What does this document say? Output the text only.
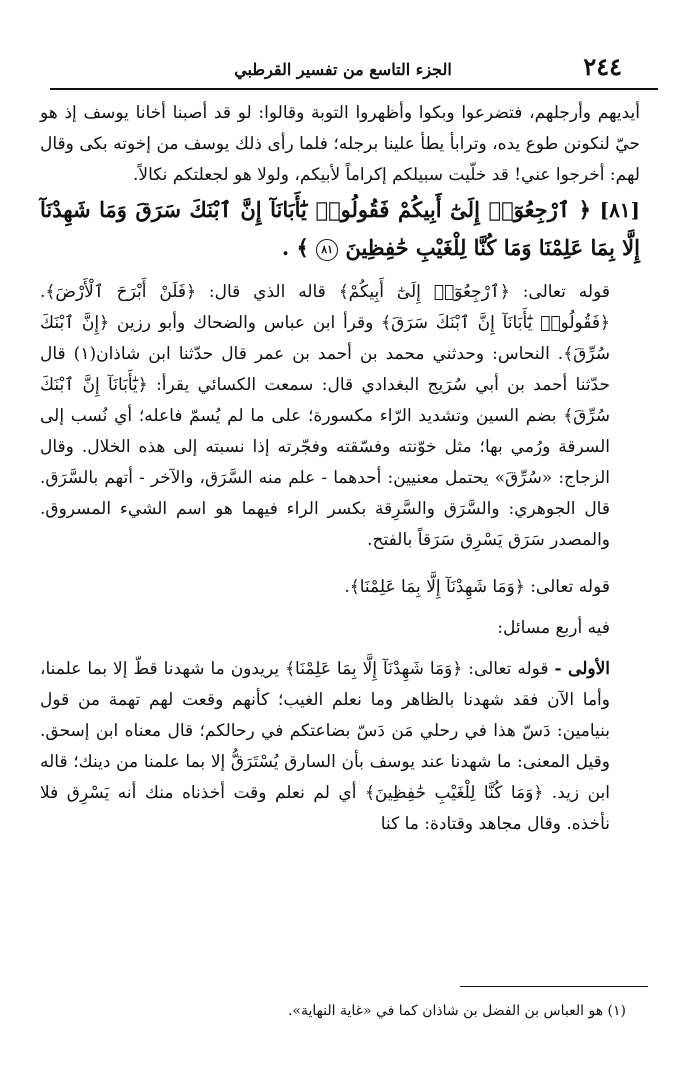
٢٤٤
الجزء التاسع من تفسير القرطبي

أيديهم وأرجلهم، فتضرعوا وبكوا وأظهروا التوبة وقالوا: لو قد أصبنا أخانا يوسف إذ هو حيّ لنكونن طوع يده، وترابأ يطأ علينا برجله؛ فلما رأى ذلك يوسف من إخوته بكى وقال لهم: أخرجوا عني! قد خلّيت سبيلكم إكراماً لأبيكم، ولولا هو لجعلتكم نكالاً.

[٨١] ﴿ ٱرْجِعُوٓا۟ إِلَىٰٓ أَبِيكُمْ فَقُولُوا۟ يَٰٓأَبَانَآ إِنَّ ٱبْنَكَ سَرَقَ وَمَا شَهِدْنَآ إِلَّا بِمَا عَلِمْنَا وَمَا كُنَّا لِلْغَيْبِ حَٰفِظِينَ ٨١ ﴾ .

قوله تعالى: ﴿ٱرْجِعُوٓا۟ إِلَىٰٓ أَبِيكُمْ﴾ قاله الذي قال: ﴿فَلَنْ أَبْرَحَ ٱلْأَرْضَ﴾. ﴿فَقُولُوا۟ يَٰٓأَبَانَآ إِنَّ ٱبْنَكَ سَرَقَ﴾ وقرأ ابن عباس والضحاك وأبو رزين ﴿إِنَّ ٱبْنَكَ سُرِّقَ﴾. النحاس: وحدثني محمد بن أحمد بن عمر قال حدّثنا ابن شاذان(١) قال حدّثنا أحمد بن أبي سُرَيج البغدادي قال: سمعت الكسائي يقرأ: ﴿يَٰٓأَبَانَآ إِنَّ ٱبْنَكَ سُرِّقَ﴾ بضم السين وتشديد الرّاء مكسورة؛ على ما لم يُسمّ فاعله؛ أي نُسب إلى السرقة ورُمي بها؛ مثل خوّنته وفسّقته وفجّرته إذا نسبته إلى هذه الخلال. وقال الزجاج: «سُرِّقَ» يحتمل معنيين: أحدهما - علم منه السَّرَق، والآخر - أتهم بالسَّرَق. قال الجوهري: والسَّرَق والسَّرِقة بكسر الراء فيهما هو اسم الشيء المسروق. والمصدر سَرَق يَسْرِق سَرَقاً بالفتح.

قوله تعالى: ﴿وَمَا شَهِدْنَآ إِلَّا بِمَا عَلِمْنَا﴾.

فيه أربع مسائل:

الأولى - قوله تعالى: ﴿وَمَا شَهِدْنَآ إِلَّا بِمَا عَلِمْنَا﴾ يريدون ما شهدنا قطّ إلا بما علمنا، وأما الآن فقد شهدنا بالظاهر وما نعلم الغيب؛ كأنهم وقعت لهم تهمة من قول بنيامين: دَسّ هذا في رحلي مَن دَسّ بضاعتكم في رحالكم؛ قال معناه ابن إسحق. وقيل المعنى: ما شهدنا عند يوسف بأن السارق يُسْتَرَقُّ إلا بما علمنا من دينك؛ قاله ابن زيد. ﴿وَمَا كُنَّا لِلْغَيْبِ حَٰفِظِينَ﴾ أي لم نعلم وقت أخذناه منك أنه يَسْرِق فلا نأخذه. وقال مجاهد وقتادة: ما كنا

(١) هو العباس بن الفضل بن شاذان كما في «غاية النهاية».
